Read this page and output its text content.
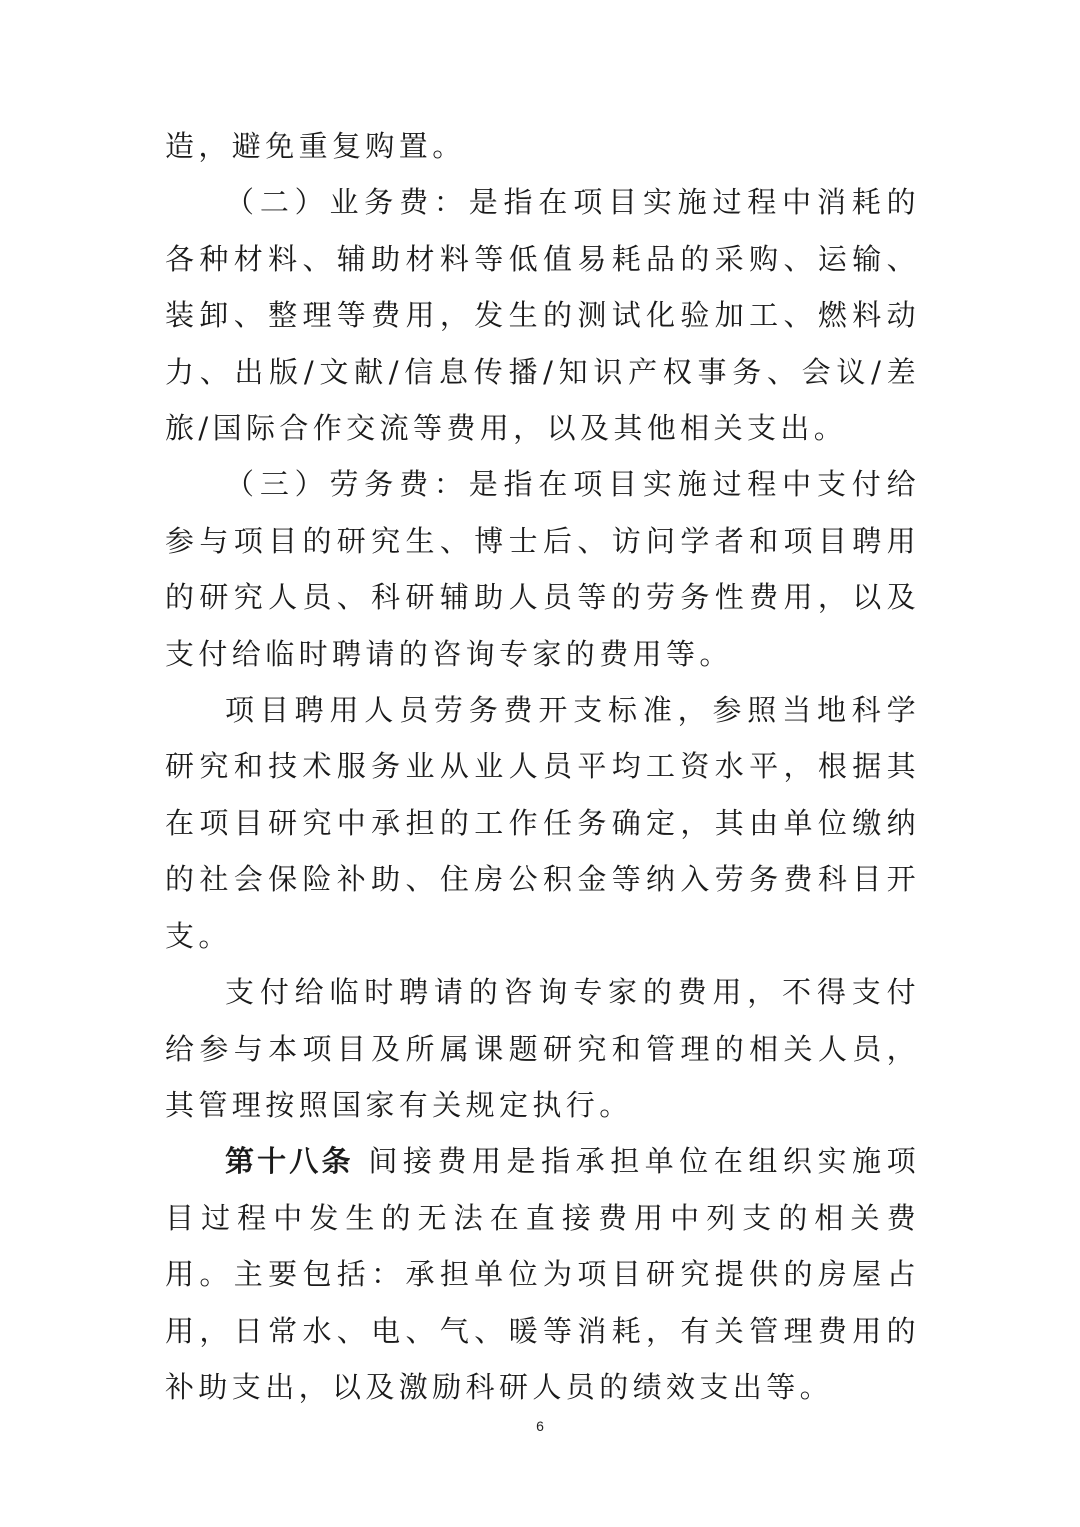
造，避免重复购置。

（二）业务费：是指在项目实施过程中消耗的各种材料、辅助材料等低值易耗品的采购、运输、装卸、整理等费用，发生的测试化验加工、燃料动力、出版/文献/信息传播/知识产权事务、会议/差旅/国际合作交流等费用，以及其他相关支出。

（三）劳务费：是指在项目实施过程中支付给参与项目的研究生、博士后、访问学者和项目聘用的研究人员、科研辅助人员等的劳务性费用，以及支付给临时聘请的咨询专家的费用等。

项目聘用人员劳务费开支标准，参照当地科学研究和技术服务业从业人员平均工资水平，根据其在项目研究中承担的工作任务确定，其由单位缴纳的社会保险补助、住房公积金等纳入劳务费科目开支。

支付给临时聘请的咨询专家的费用，不得支付给参与本项目及所属课题研究和管理的相关人员，其管理按照国家有关规定执行。

第十八条 间接费用是指承担单位在组织实施项目过程中发生的无法在直接费用中列支的相关费用。主要包括：承担单位为项目研究提供的房屋占用，日常水、电、气、暖等消耗，有关管理费用的补助支出，以及激励科研人员的绩效支出等。

6
